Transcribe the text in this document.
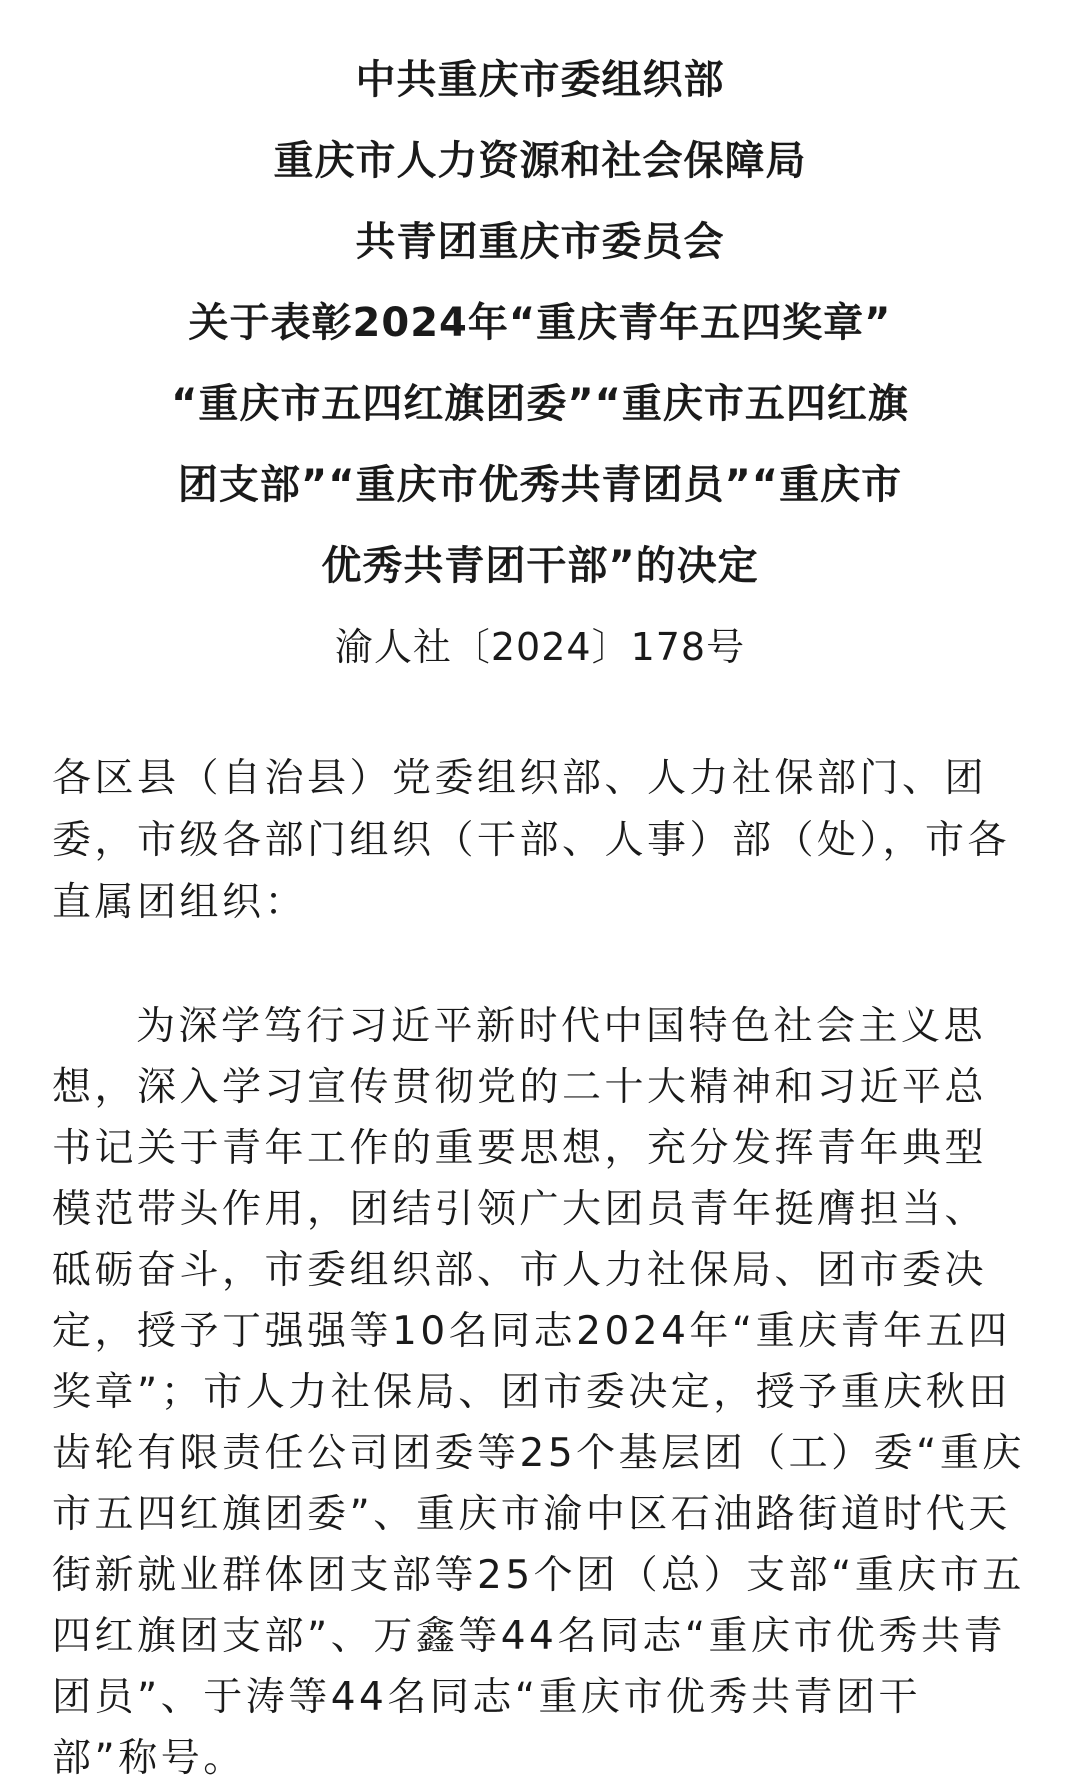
中共重庆市委组织部
重庆市人力资源和社会保障局
共青团重庆市委员会
关于表彰2024年“重庆青年五四奖章”
“重庆市五四红旗团委”“重庆市五四红旗
团支部”“重庆市优秀共青团员”“重庆市
优秀共青团干部”的决定
渝人社〔2024〕178号
各区县（自治县）党委组织部、人力社保部门、团委，市级各部门组织（干部、人事）部（处），市各直属团组织：
为深学笃行习近平新时代中国特色社会主义思想，深入学习宣传贯彻党的二十大精神和习近平总书记关于青年工作的重要思想，充分发挥青年典型模范带头作用，团结引领广大团员青年挺膺担当、砥砺奋斗，市委组织部、市人力社保局、团市委决定，授予丁强强等10名同志2024年“重庆青年五四奖章”；市人力社保局、团市委决定，授予重庆秋田齿轮有限责任公司团委等25个基层团（工）委“重庆市五四红旗团委”、重庆市渝中区石油路街道时代天街新就业群体团支部等25个团（总）支部“重庆市五四红旗团支部”、万鑫等44名同志“重庆市优秀共青团员”、于涛等44名同志“重庆市优秀共青团干部”称号。
